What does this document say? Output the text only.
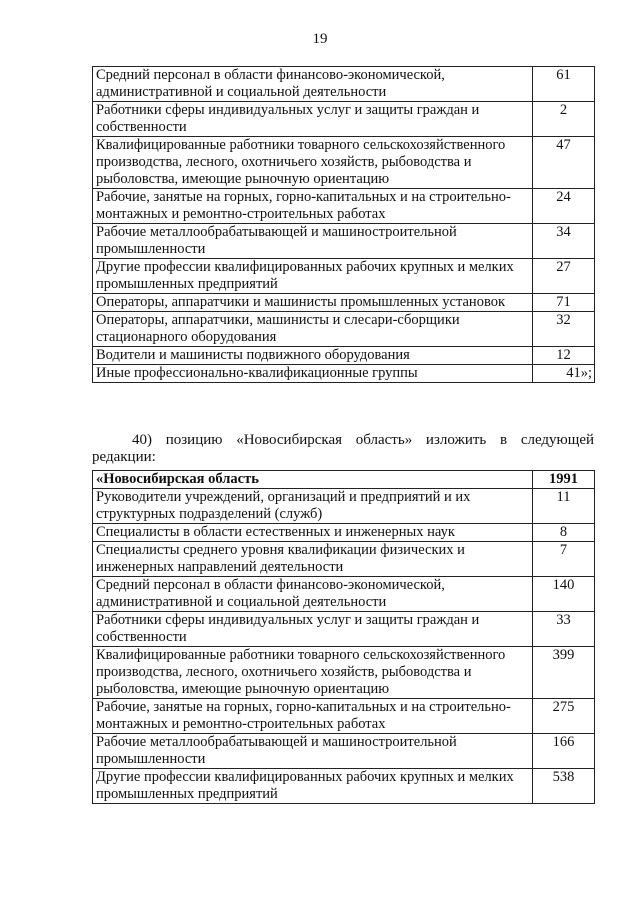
19
Средний персонал в области финансово-экономической, административной и социальной деятельности	61
Работники сферы индивидуальных услуг и защиты граждан и собственности	2
Квалифицированные работники товарного сельскохозяйственного производства, лесного, охотничьего хозяйств, рыбоводства и рыболовства, имеющие рыночную ориентацию	47
Рабочие, занятые на горных, горно-капитальных и на строительно-монтажных и ремонтно-строительных работах	24
Рабочие металлообрабатывающей и машиностроительной промышленности	34
Другие профессии квалифицированных рабочих крупных и мелких промышленных предприятий	27
Операторы, аппаратчики и машинисты промышленных установок	71
Операторы, аппаратчики, машинисты и слесари-сборщики стационарного оборудования	32
Водители и машинисты подвижного оборудования	12
Иные профессионально-квалификационные группы	41»;
40) позицию «Новосибирская область» изложить в следующей редакции:
«Новосибирская область	1991
Руководители учреждений, организаций и предприятий и их структурных подразделений (служб)	11
Специалисты в области естественных и инженерных наук	8
Специалисты среднего уровня квалификации физических и инженерных направлений деятельности	7
Средний персонал в области финансово-экономической, административной и социальной деятельности	140
Работники сферы индивидуальных услуг и защиты граждан и собственности	33
Квалифицированные работники товарного сельскохозяйственного производства, лесного, охотничьего хозяйств, рыбоводства и рыболовства, имеющие рыночную ориентацию	399
Рабочие, занятые на горных, горно-капитальных и на строительно-монтажных и ремонтно-строительных работах	275
Рабочие металлообрабатывающей и машиностроительной промышленности	166
Другие профессии квалифицированных рабочих крупных и мелких промышленных предприятий	538
